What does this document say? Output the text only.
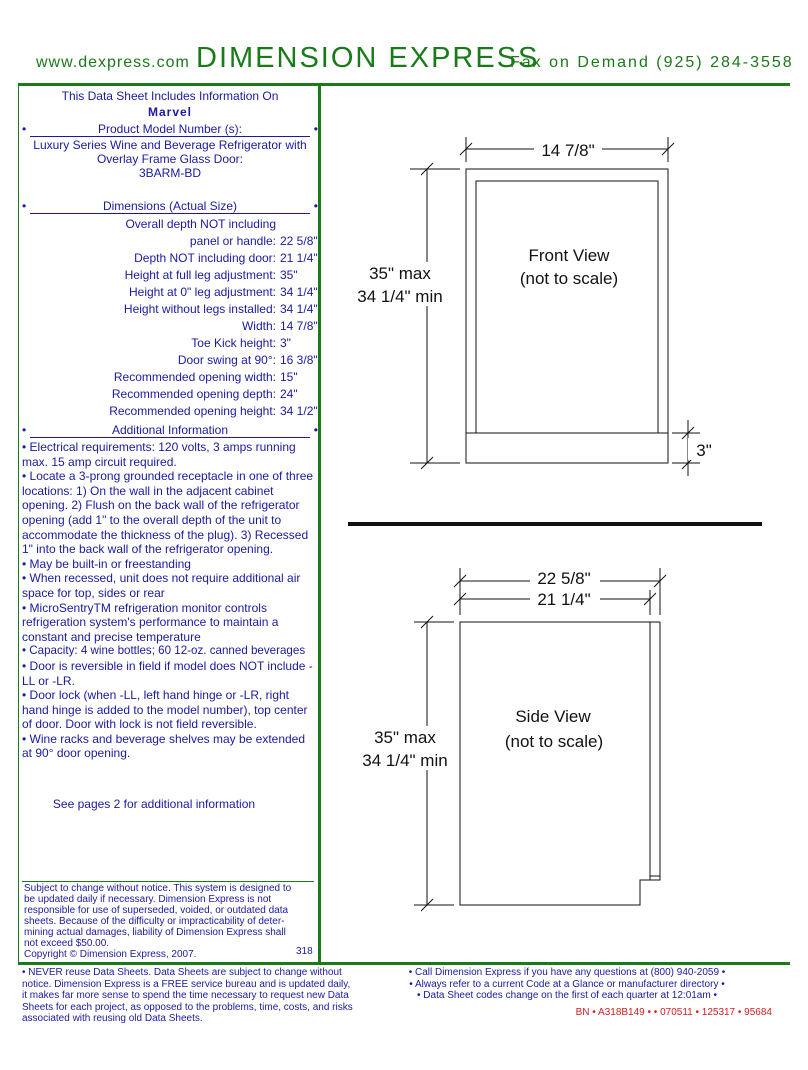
www.dexpress.com DIMENSION EXPRESS
Fax on Demand (925) 284-3558
This Data Sheet Includes Information On
Marvel
•	Product Model Number (s):	•
Luxury Series Wine and Beverage Refrigerator with
Overlay Frame Glass Door:
3BARM-BD
•	Dimensions (Actual Size)	•
Overall depth NOT including
panel or handle: 22 5/8"
Depth NOT including door: 21 1/4"
Height at full leg adjustment: 35"
Height at 0" leg adjustment: 34 1/4"
Height without legs installed: 34 1/4"
Width: 14 7/8"
Toe Kick height: 3"
Door swing at 90°: 16 3/8"
Recommended opening width: 15"
Recommended opening depth: 24"
Recommended opening height: 34 1/2"
•	Additional Information	•

• Electrical requirements: 120 volts, 3 amps running max. 15 amp circuit required.

• Locate a 3-prong grounded receptacle in one of three locations: 1) On the wall in the adjacent cabinet opening. 2) Flush on the back wall of the refrigerator opening (add 1" to the overall depth of the unit to accommodate the thickness of the plug). 3) Recessed 1" into the back wall of the refrigerator opening.

• May be built-in or freestanding

• When recessed, unit does not require additional air space for top, sides or rear

• MicroSentryTM refrigeration monitor controls refrigeration system's performance to maintain a constant and precise temperature

• Capacity: 4 wine bottles; 60 12-oz. canned beverages

• Door is reversible in field if model does NOT include -LL or -LR.

• Door lock (when -LL, left hand hinge or -LR, right hand hinge is added to the model number), top center of door. Door with lock is not field reversible.

• Wine racks and beverage shelves may be extended at 90° door opening.

See pages 2 for additional information
Subject to change without notice. This system is designed to
be updated daily if necessary. Dimension Express is not
responsible for use of superseded, voided, or outdated data
sheets. Because of the difficulty or impracticability of deter-
mining actual damages, liability of Dimension Express shall
not exceed $50.00.
Copyright © Dimension Express, 2007.	318
• NEVER reuse Data Sheets. Data Sheets are subject to change without
notice. Dimension Express is a FREE service bureau and is updated daily,
it makes far more sense to spend the time necessary to request new Data
Sheets for each project, as opposed to the problems, time, costs, and risks
associated with reusing old Data Sheets.
• Call Dimension Express if you have any questions at (800) 940-2059 •
• Always refer to a current Code at a Glance or manufacturer directory •
• Data Sheet codes change on the first of each quarter at 12:01am •
BN • A318B149 • • 070511 • 125317 • 95684
14 7/8"
Front View
(not to scale)
35" max
34 1/4" min
3"
22 5/8"
21 1/4"
Side View
(not to scale)
35" max
34 1/4" min
